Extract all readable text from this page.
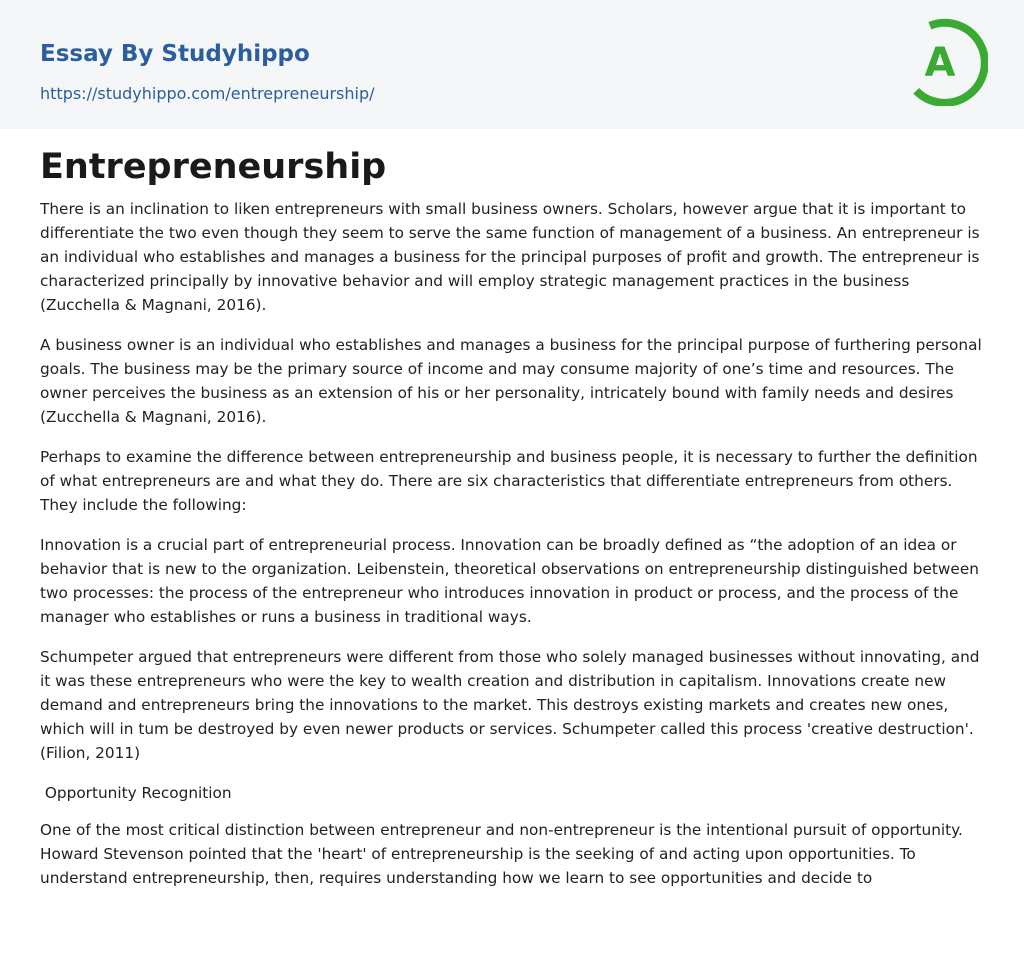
Essay By Studyhippo
https://studyhippo.com/entrepreneurship/
A
Entrepreneurship

There is an inclination to liken entrepreneurs with small business owners. Scholars, however argue that it is important to differentiate the two even though they seem to serve the same function of management of a business. An entrepreneur is an individual who establishes and manages a business for the principal purposes of profit and growth. The entrepreneur is characterized principally by innovative behavior and will employ strategic management practices in the business (Zucchella & Magnani, 2016).

A business owner is an individual who establishes and manages a business for the principal purpose of furthering personal goals. The business may be the primary source of income and may consume majority of one’s time and resources. The owner perceives the business as an extension of his or her personality, intricately bound with family needs and desires (Zucchella & Magnani, 2016).

Perhaps to examine the difference between entrepreneurship and business people, it is necessary to further the definition of what entrepreneurs are and what they do. There are six characteristics that differentiate entrepreneurs from others. They include the following:

Innovation is a crucial part of entrepreneurial process. Innovation can be broadly defined as “the adoption of an idea or behavior that is new to the organization. Leibenstein, theoretical observations on entrepreneurship distinguished between two processes: the process of the entrepreneur who introduces innovation in product or process, and the process of the manager who establishes or runs a business in traditional ways.

Schumpeter argued that entrepreneurs were different from those who solely managed businesses without innovating, and it was these entrepreneurs who were the key to wealth creation and distribution in capitalism. Innovations create new demand and entrepreneurs bring the innovations to the market. This destroys existing markets and creates new ones, which will in tum be destroyed by even newer products or services. Schumpeter called this process 'creative destruction'.(Filion, 2011)

Opportunity Recognition

One of the most critical distinction between entrepreneur and non-entrepreneur is the intentional pursuit of opportunity. Howard Stevenson pointed that the 'heart' of entrepreneurship is the seeking of and acting upon opportunities. To understand entrepreneurship, then, requires understanding how we learn to see opportunities and decide to
